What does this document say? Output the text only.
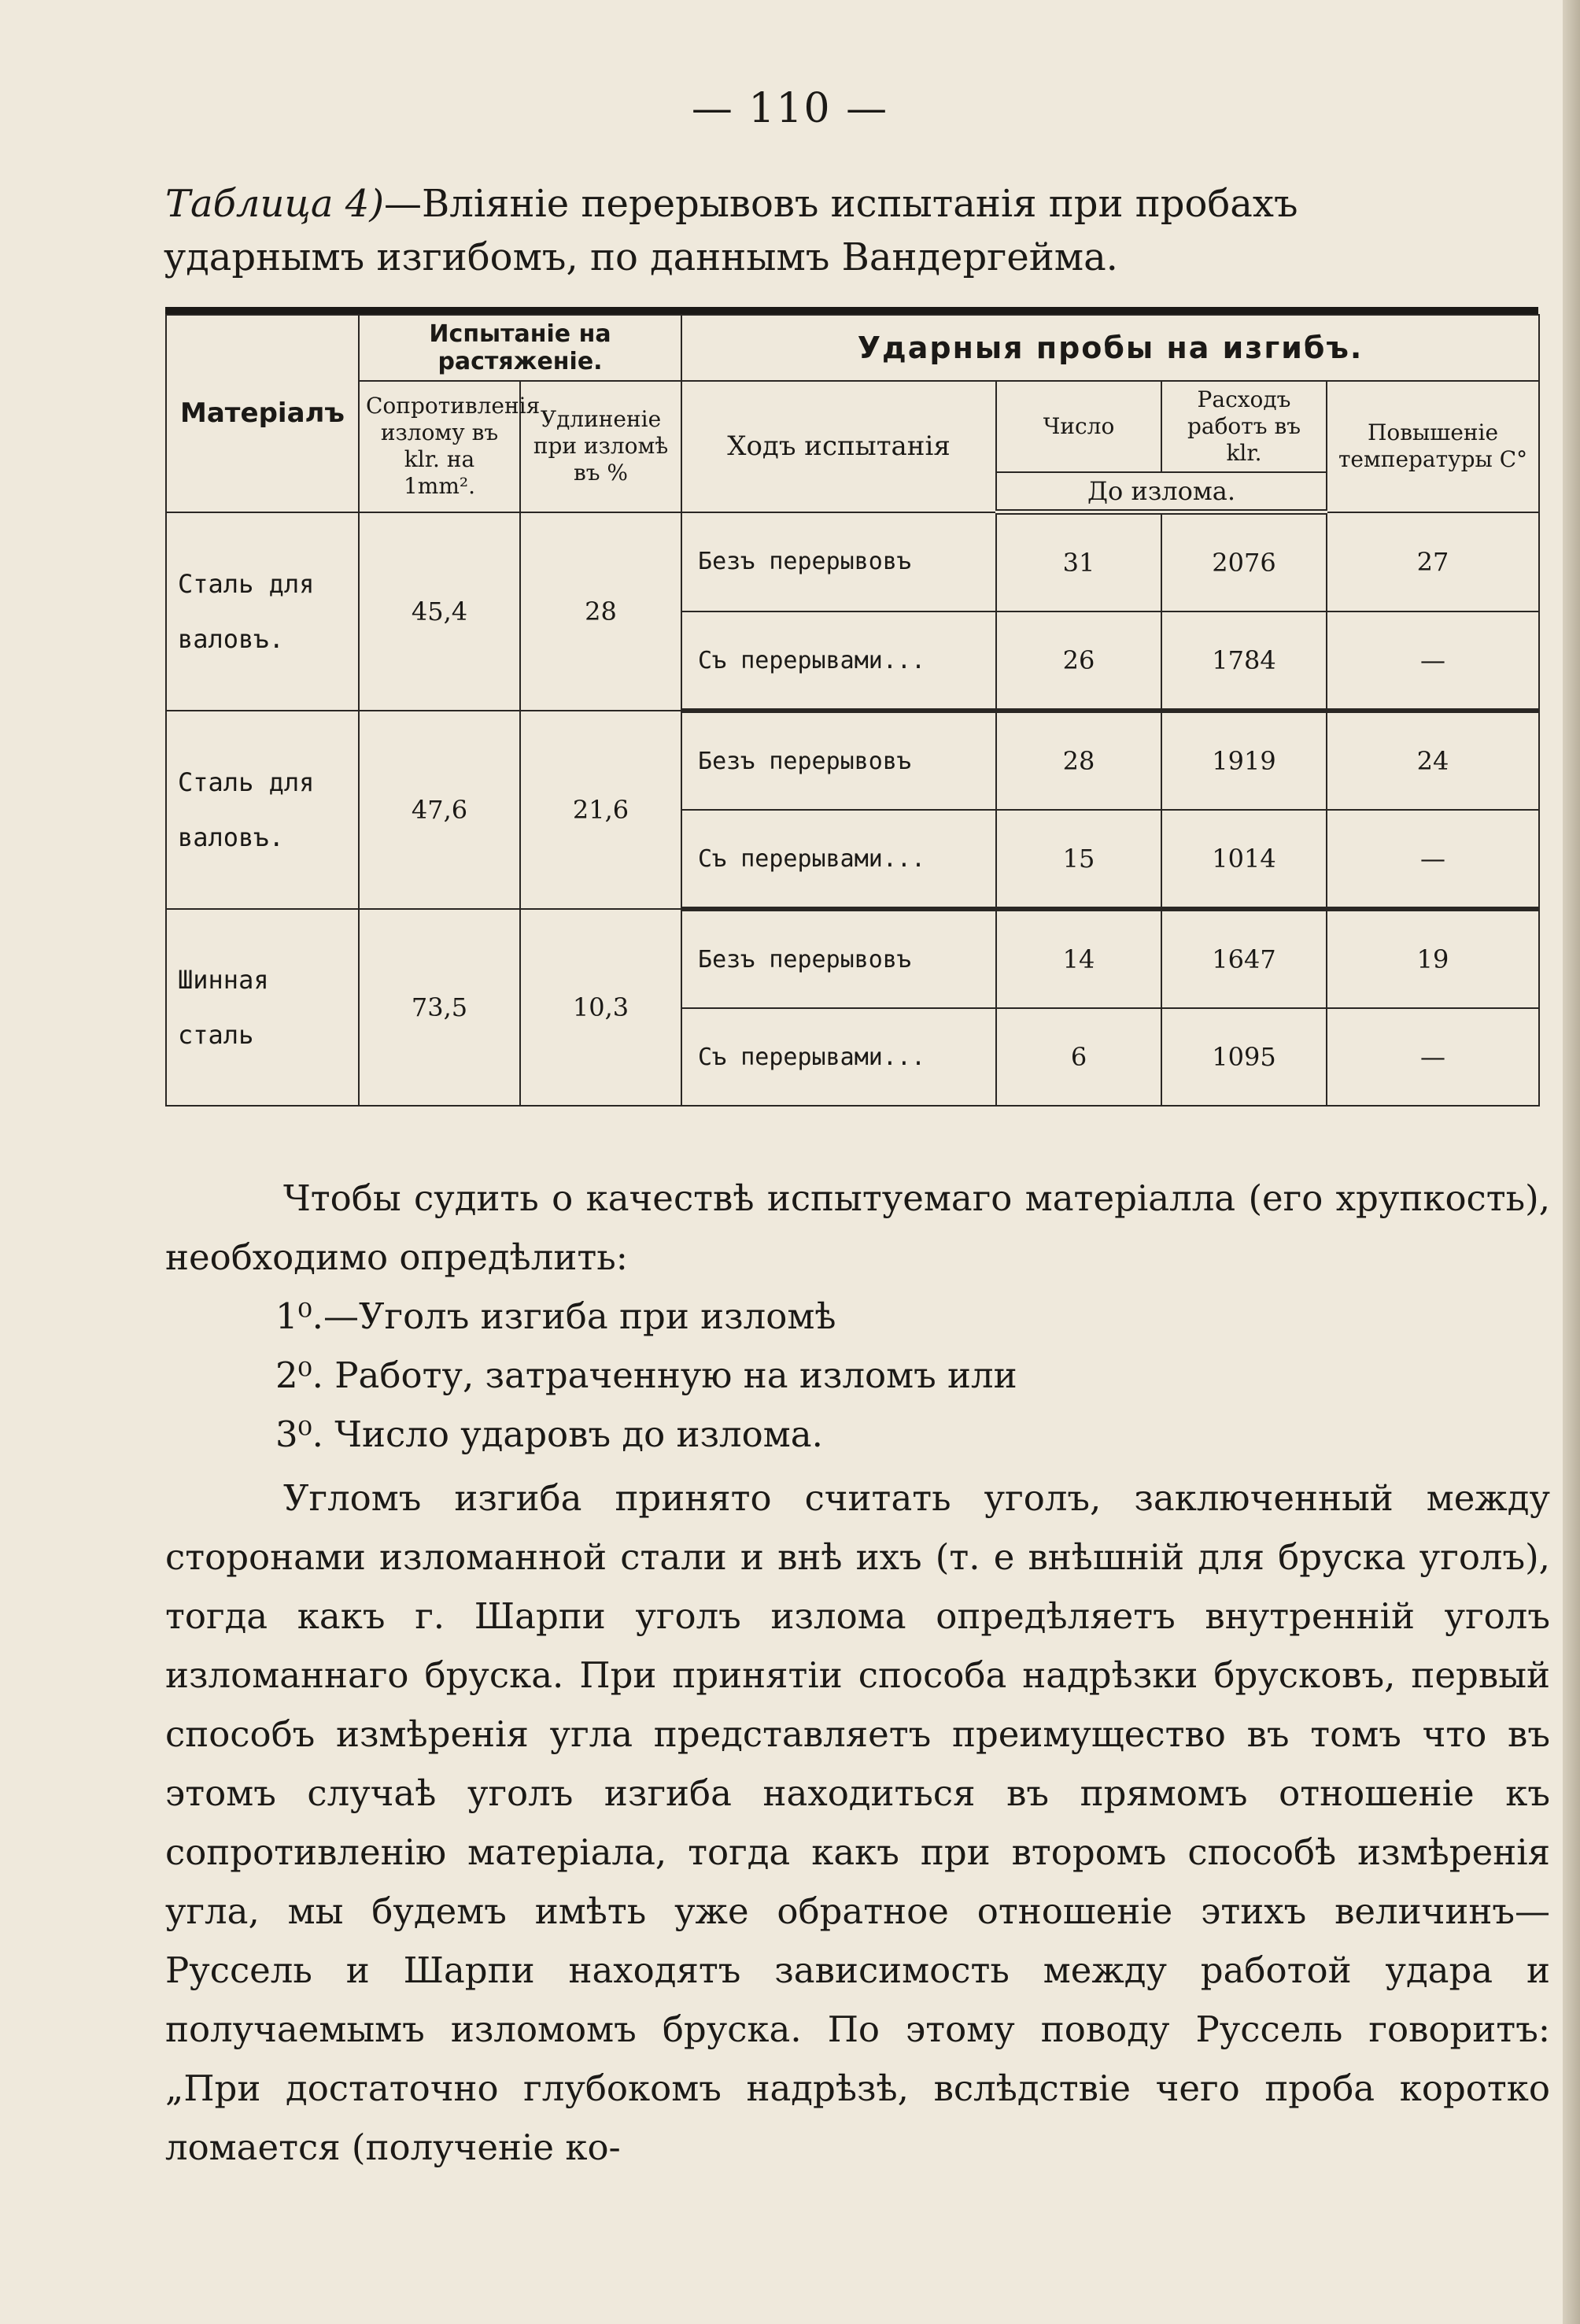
— 110 —
Таблица 4)—Вліяніе перерывовъ испытанія при пробахъ
ударнымъ изгибомъ, по даннымъ Вандергейма.
Матеріалъ	Испытаніе на растяженіе.		Ударныя пробы на изгибъ.			
	Сопротивленія излому въ klr. на 1mm².	Удлиненіе при изломѣ въ %	Ходъ испытанія	Число	Расходъ работъ въ klr.	Повышеніе температуры C°
				До излома.		
Сталь для валовъ.	45,4	28	Безъ перерывовъ	31	2076	27
			Съ перерывами...	26	1784	—
Сталь для валовъ.	47,6	21,6	Безъ перерывовъ	28	1919	24
			Съ перерывами...	15	1014	—
Шинная сталь	73,5	10,3	Безъ перерывовъ	14	1647	19
			Съ перерывами...	6	1095	—

Чтобы судить о качествѣ испытуемаго матеріалла (его хрупкость), необходимо опредѣлить:

1⁰.—Уголъ изгиба при изломѣ

2⁰. Работу, затраченную на изломъ или

3⁰. Число ударовъ до излома.

Угломъ изгиба принято считать уголъ, заключенный между сторонами изломанной стали и внѣ ихъ (т. е внѣшній для бруска уголъ), тогда какъ г. Шарпи уголъ излома опредѣляетъ внутренній уголъ изломаннаго бруска. При принятіи способа надрѣзки брусковъ, первый способъ измѣренія угла представляетъ преимущество въ томъ что въ этомъ случаѣ уголъ изгиба находиться въ прямомъ отношеніе къ сопротивленію матеріала, тогда какъ при второмъ способѣ измѣренія угла, мы будемъ имѣть уже обратное отношеніе этихъ величинъ—Руссель и Шарпи находятъ зависимость между работой удара и получаемымъ изломомъ бруска. По этому поводу Руссель говоритъ: „При достаточно глубокомъ надрѣзѣ, вслѣдствіе чего проба коротко ломается (полученіе ко-
